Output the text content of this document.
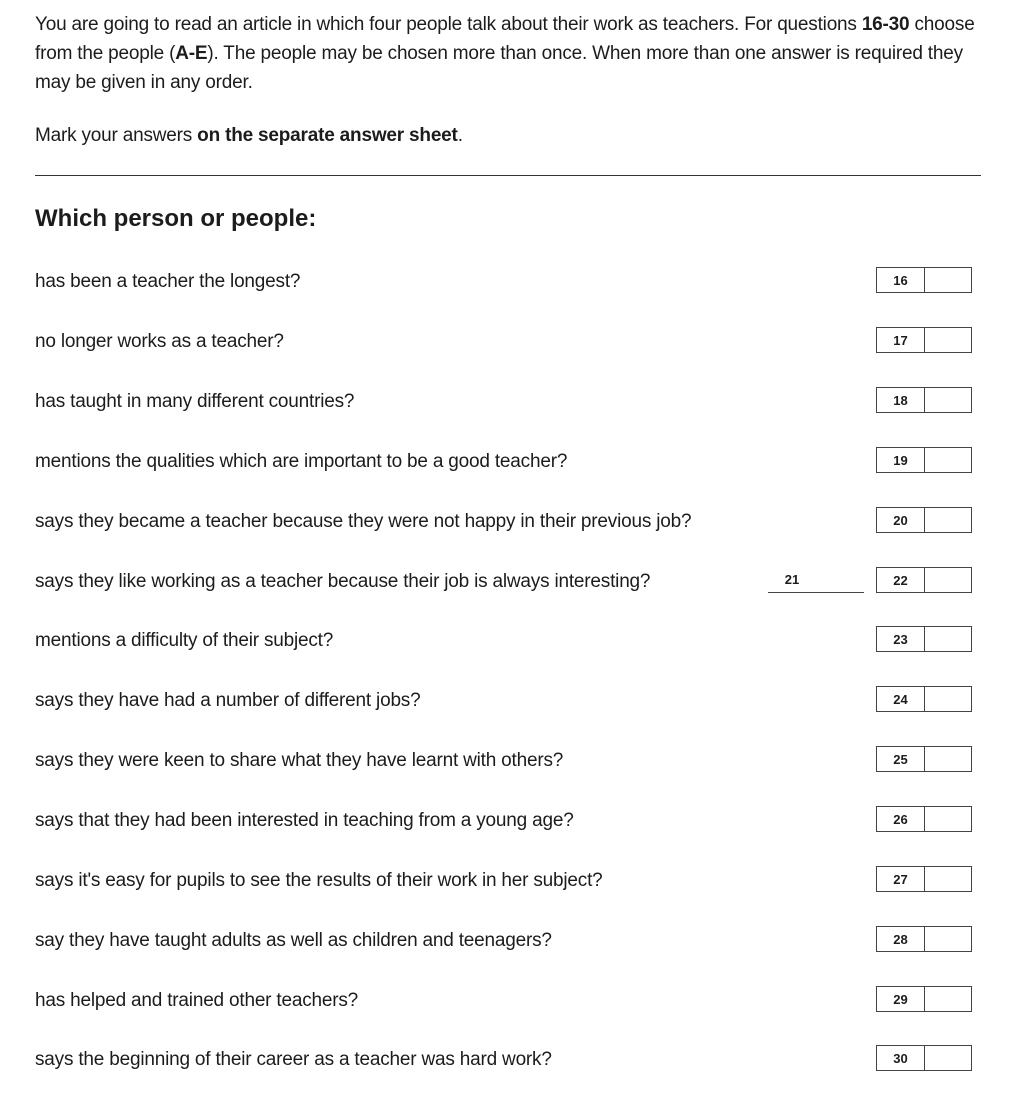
You are going to read an article in which four people talk about their work as teachers. For questions 16-30 choose from the people (A-E). The people may be chosen more than once. When more than one answer is required they may be given in any order.

Mark your answers on the separate answer sheet.
Which person or people:
has been a teacher the longest?	16
no longer works as a teacher?	17
has taught in many different countries?	18
mentions the qualities which are important to be a good teacher?	19
says they became a teacher because they were not happy in their previous job?	20
says they like working as a teacher because their job is always interesting?	21	22
mentions a difficulty of their subject?	23
says they have had a number of different jobs?	24
says they were keen to share what they have learnt with others?	25
says that they had been interested in teaching from a young age?	26
says it's easy for pupils to see the results of their work in her subject?	27
say they have taught adults as well as children and teenagers?	28
has helped and trained other teachers?	29
says the beginning of their career as a teacher was hard work?	30
